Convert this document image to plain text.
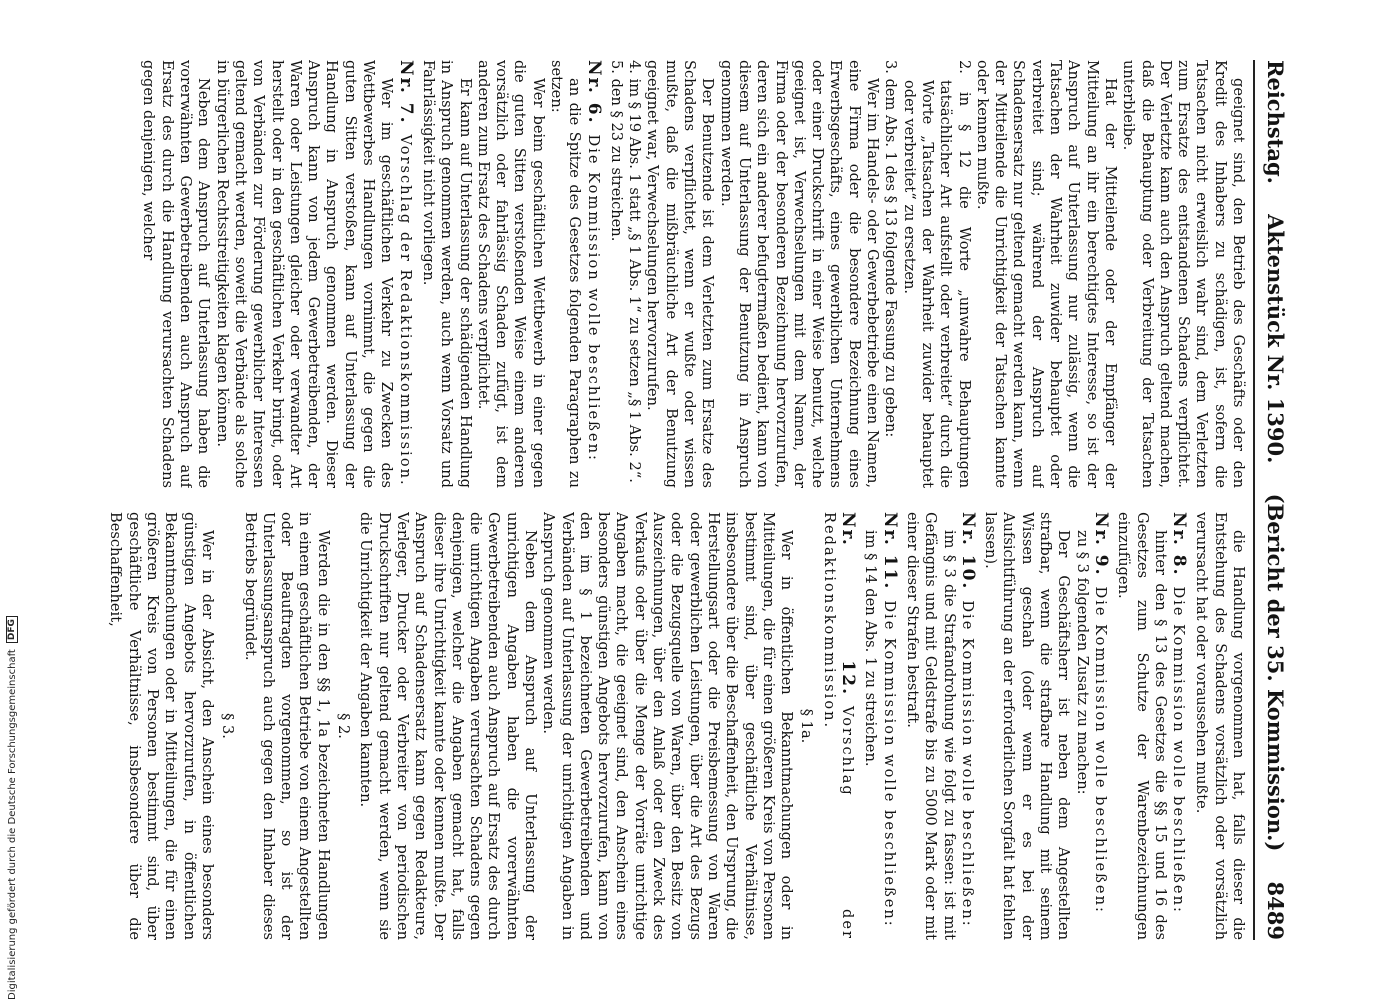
Reichstag.
Aktenstück Nr. 1390.
(Bericht der 35. Kommission.)
8489

geeignet sind, den Betrieb des Geschäfts oder den Kredit des Inhabers zu schädigen, ist, sofern die Tatsachen nicht erweislich wahr sind, dem Verletzten zum Ersatze des entstandenen Schadens verpflichtet. Der Verletzte kann auch den Anspruch geltend machen, daß die Behauptung oder Verbreitung der Tatsachen unterbleibe.

Hat der Mitteilende oder der Empfänger der Mitteilung an ihr ein berechtigtes Interesse, so ist der Anspruch auf Unterlassung nur zulässig, wenn die Tatsachen der Wahrheit zuwider behauptet oder verbreitet sind; während der Anspruch auf Schadensersatz nur geltend gemacht werden kann, wenn der Mitteilende die Unrichtigkeit der Tatsachen kannte oder kennen mußte.

2. in § 12 die Worte „unwahre Behauptungen tatsächlicher Art aufstellt oder verbreitet“ durch die Worte „Tatsachen der Wahrheit zuwider behauptet oder verbreitet“ zu ersetzen.

3. dem Abs. 1 des § 13 folgende Fassung zu geben:

Wer im Handels- oder Gewerbebetriebe einen Namen, eine Firma oder die besondere Bezeichnung eines Erwerbsgeschäfts, eines gewerblichen Unternehmens oder einer Druckschrift in einer Weise benutzt, welche geeignet ist, Verwechselungen mit dem Namen, der Firma oder der besonderen Bezeichnung hervorzurufen, deren sich ein anderer befugtermaßen bedient, kann von diesem auf Unterlassung der Benutzung in Anspruch genommen werden.

Der Benutzende ist dem Verletzten zum Ersatze des Schadens verpflichtet, wenn er wußte oder wissen mußte, daß die mißbräuchliche Art der Benutzung geeignet war, Verwechselungen hervorzurufen.

4. im § 19 Abs. 1 statt „§ 1 Abs. 1“ zu setzen „§ 1 Abs. 2“.

5. den § 23 zu streichen.

Nr. 6.Die Kommission wolle beschließen:

an die Spitze des Gesetzes folgenden Paragraphen zu setzen:

Wer beim geschäftlichen Wettbewerb in einer gegen die guten Sitten verstoßenden Weise einem anderen vorsätzlich oder fahrlässig Schaden zufügt, ist dem anderen zum Ersatz des Schadens verpflichtet.

Er kann auf Unterlassung der schädigenden Handlung in Anspruch genommen werden, auch wenn Vorsatz und Fahrlässigkeit nicht vorliegen.

Nr. 7.Vorschlag der Redaktionskommission.

Wer im geschäftlichen Verkehr zu Zwecken des Wettbewerbes Handlungen vornimmt, die gegen die guten Sitten verstoßen, kann auf Unterlassung der Handlung in Anspruch genommen werden. Dieser Anspruch kann von jedem Gewerbetreibenden, der Waren oder Leistungen gleicher oder verwandter Art herstellt oder in den geschäftlichen Verkehr bringt, oder von Verbänden zur Förderung gewerblicher Interessen geltend gemacht werden, soweit die Verbände als solche in bürgerlichen Rechtsstreitigkeiten klagen können.

Neben dem Anspruch auf Unterlassung haben die vorerwähnten Gewerbetreibenden auch Anspruch auf Ersatz des durch die Handlung verursachten Schadens gegen denjenigen, welcher

die Handlung vorgenommen hat, falls dieser die Entstehung des Schadens vorsätzlich oder vorsätzlich verursacht hat oder voraussehen mußte.

Nr. 8.Die Kommission wolle beschließen:

hinter den § 13 des Gesetzes die §§ 15 und 16 des Gesetzes zum Schutze der Warenbezeichnungen einzufügen.

Nr. 9.Die Kommission wolle beschließen:

zu § 3 folgenden Zusatz zu machen:

Der Geschäftsherr ist neben dem Angestellten strafbar, wenn die strafbare Handlung mit seinem Wissen geschah (oder wenn er es bei der Aufsichtführung an der erforderlichen Sorgfalt hat fehlen lassen).

Nr. 10.Die Kommission wolle beschließen:

im § 3 die Strafandrohung wie folgt zu fassen: ist mit Gefängnis und mit Geldstrafe bis zu 5000 Mark oder mit einer dieser Strafen bestraft.

Nr. 11.Die Kommission wolle beschließen:

im § 14 den Abs. 1 zu streichen.

Nr. 12.Vorschlag der Redaktionskommission.

§ 1a.

Wer in öffentlichen Bekanntmachungen oder in Mitteilungen, die für einen größeren Kreis von Personen bestimmt sind, über geschäftliche Verhältnisse, insbesondere über die Beschaffenheit, den Ursprung, die Herstellungsart oder die Preisbemessung von Waren oder gewerblichen Leistungen, über die Art des Bezugs oder die Bezugsquelle von Waren, über den Besitz von Auszeichnungen, über den Anlaß oder den Zweck des Verkaufs oder über die Menge der Vorräte unrichtige Angaben macht, die geeignet sind, den Anschein eines besonders günstigen Angebots hervorzurufen, kann von den im § 1 bezeichneten Gewerbetreibenden und Verbänden auf Unterlassung der unrichtigen Angaben in Anspruch genommen werden.

Neben dem Anspruch auf Unterlassung der unrichtigen Angaben haben die vorerwähnten Gewerbetreibenden auch Anspruch auf Ersatz des durch die unrichtigen Angaben verursachten Schadens gegen denjenigen, welcher die Angaben gemacht hat, falls dieser ihre Unrichtigkeit kannte oder kennen mußte. Der Anspruch auf Schadensersatz kann gegen Redakteure, Verleger, Drucker oder Verbreiter von periodischen Druckschriften nur geltend gemacht werden, wenn sie die Unrichtigkeit der Angaben kannten.

§ 2.

Werden die in den §§ 1, 1a bezeichneten Handlungen in einem geschäftlichen Betriebe von einem Angestellten oder Beauftragten vorgenommen, so ist der Unterlassungsanspruch auch gegen den Inhaber dieses Betriebs begründet.

§ 3.

Wer in der Absicht, den Anschein eines besonders günstigen Angebots hervorzurufen, in öffentlichen Bekanntmachungen oder in Mitteilungen, die für einen größeren Kreis von Personen bestimmt sind, über geschäftliche Verhältnisse, insbesondere über die Beschaffenheit,

Digitalisierung gefördert durch die Deutsche Forschungsgemeinschaft
DFG
